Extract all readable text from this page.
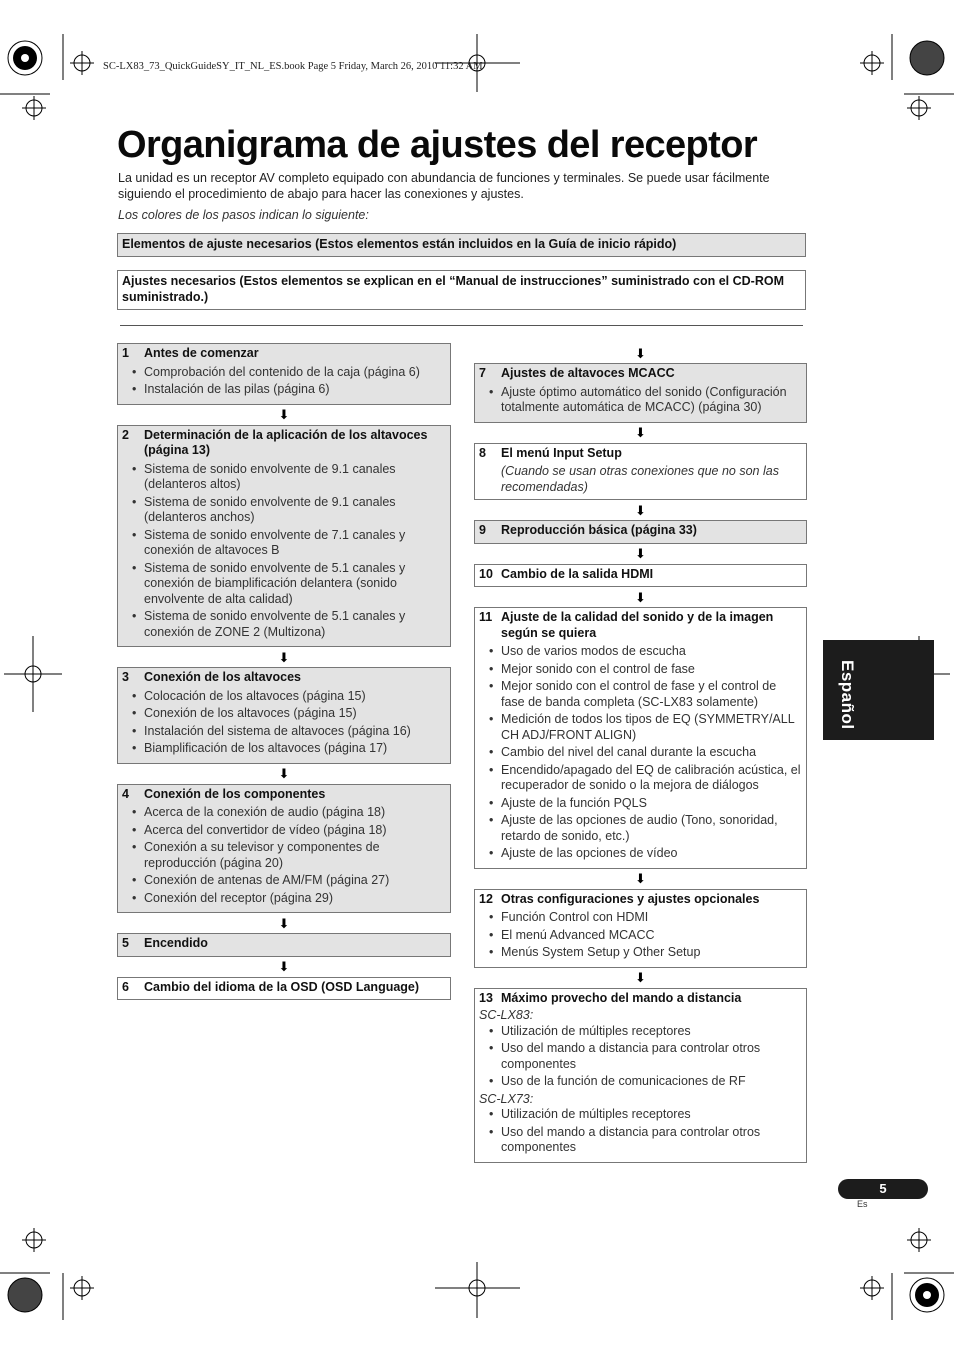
SC-LX83_73_QuickGuideSY_IT_NL_ES.book Page 5 Friday, March 26, 2010 11:32 AM
Organigrama de ajustes del receptor

La unidad es un receptor AV completo equipado con abundancia de funciones y terminales. Se puede usar fácilmente siguiendo el procedimiento de abajo para hacer las conexiones y ajustes.

Los colores de los pasos indican lo siguiente:

Elementos de ajuste necesarios (Estos elementos están incluidos en la Guía de inicio rápido)
Ajustes necesarios (Estos elementos se explican en el “Manual de instrucciones” suministrado con el CD-ROM suministrado.)
1	Antes de comenzar
• Comprobación del contenido de la caja (página 6)
• Instalación de las pilas (página 6)
⬇
2	Determinación de la aplicación de los altavoces (página 13)
• Sistema de sonido envolvente de 9.1 canales (delanteros altos)
• Sistema de sonido envolvente de 9.1 canales (delanteros anchos)
• Sistema de sonido envolvente de 7.1 canales y conexión de altavoces B
• Sistema de sonido envolvente de 5.1 canales y conexión de biamplificación delantera (sonido envolvente de alta calidad)
• Sistema de sonido envolvente de 5.1 canales y conexión de ZONE 2 (Multizona)
⬇
3	Conexión de los altavoces
• Colocación de los altavoces (página 15)
• Conexión de los altavoces (página 15)
• Instalación del sistema de altavoces (página 16)
• Biamplificación de los altavoces (página 17)
⬇
4	Conexión de los componentes
• Acerca de la conexión de audio (página 18)
• Acerca del convertidor de vídeo (página 18)
• Conexión a su televisor y componentes de reproducción (página 20)
• Conexión de antenas de AM/FM (página 27)
• Conexión del receptor (página 29)
⬇
5	Encendido
⬇
6	Cambio del idioma de la OSD (OSD Language)
⬇
7	Ajustes de altavoces MCACC
• Ajuste óptimo automático del sonido (Configuración totalmente automática de MCACC) (página 30)
⬇
8	El menú Input Setup
(Cuando se usan otras conexiones que no son las recomendadas)
⬇
9	Reproducción básica (página 33)
⬇
10 Cambio de la salida HDMI
⬇
11 Ajuste de la calidad del sonido y de la imagen según se quiera
• Uso de varios modos de escucha
• Mejor sonido con el control de fase
• Mejor sonido con el control de fase y el control de fase de banda completa (SC-LX83 solamente)
• Medición de todos los tipos de EQ (SYMMETRY/ALL CH ADJ/FRONT ALIGN)
• Cambio del nivel del canal durante la escucha
• Encendido/apagado del EQ de calibración acústica, el recuperador de sonido o la mejora de diálogos
• Ajuste de la función PQLS
• Ajuste de las opciones de audio (Tono, sonoridad, retardo de sonido, etc.)
• Ajuste de las opciones de vídeo
⬇
12 Otras configuraciones y ajustes opcionales
• Función Control con HDMI
• El menú Advanced MCACC
• Menús System Setup y Other Setup
⬇
13 Máximo provecho del mando a distancia
SC-LX83:
• Utilización de múltiples receptores
• Uso del mando a distancia para controlar otros componentes
• Uso de la función de comunicaciones de RF
SC-LX73:
• Utilización de múltiples receptores
• Uso del mando a distancia para controlar otros componentes
Español
5
Es
